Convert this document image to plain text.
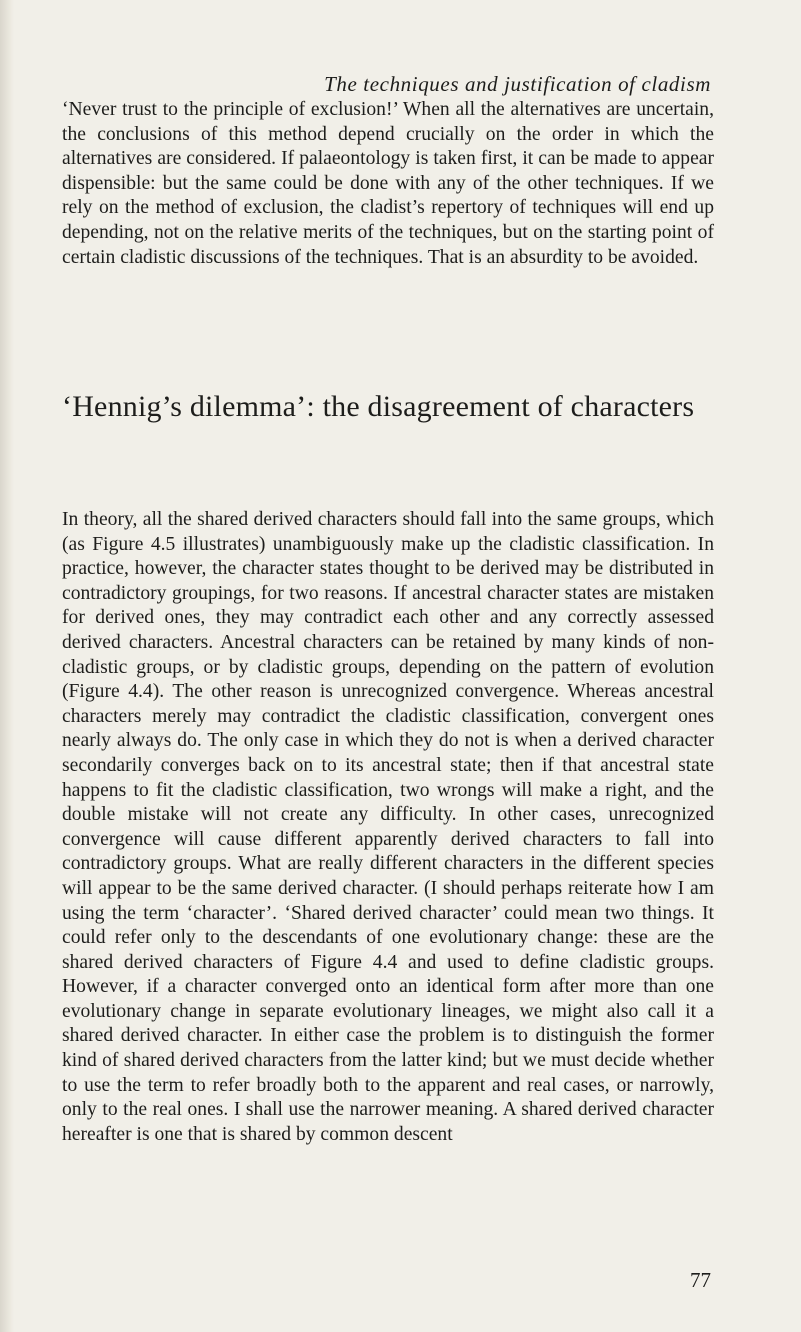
The techniques and justification of cladism

‘Never trust to the principle of exclusion!’ When all the alternatives are uncertain, the conclusions of this method depend crucially on the order in which the alternatives are considered. If palaeontology is taken first, it can be made to appear dispensible: but the same could be done with any of the other techniques. If we rely on the method of exclusion, the cladist’s repertory of techniques will end up depending, not on the relative merits of the techniques, but on the starting point of certain cladistic discussions of the techniques. That is an absurdity to be avoided.

‘Hennig’s dilemma’: the disagreement of characters

In theory, all the shared derived characters should fall into the same groups, which (as Figure 4.5 illustrates) unambiguously make up the cladistic classification. In practice, however, the character states thought to be derived may be distributed in contradictory groupings, for two reasons. If ancestral character states are mistaken for derived ones, they may contradict each other and any correctly assessed derived characters. Ancestral characters can be retained by many kinds of non-cladistic groups, or by cladistic groups, depending on the pattern of evolution (Figure 4.4). The other reason is unrecognized convergence. Whereas ancestral characters merely may contradict the cladistic classification, convergent ones nearly always do. The only case in which they do not is when a derived character secondarily converges back on to its ancestral state; then if that ancestral state happens to fit the cladistic classification, two wrongs will make a right, and the double mistake will not create any difficulty. In other cases, unrecognized convergence will cause different apparently derived characters to fall into contradictory groups. What are really different characters in the different species will appear to be the same derived character. (I should perhaps reiterate how I am using the term ‘character’. ‘Shared derived character’ could mean two things. It could refer only to the descendants of one evolutionary change: these are the shared derived characters of Figure 4.4 and used to define cladistic groups. However, if a character converged onto an identical form after more than one evolutionary change in separate evolutionary lineages, we might also call it a shared derived character. In either case the problem is to distinguish the former kind of shared derived characters from the latter kind; but we must decide whether to use the term to refer broadly both to the apparent and real cases, or narrowly, only to the real ones. I shall use the narrower meaning. A shared derived character hereafter is one that is shared by common descent

77
